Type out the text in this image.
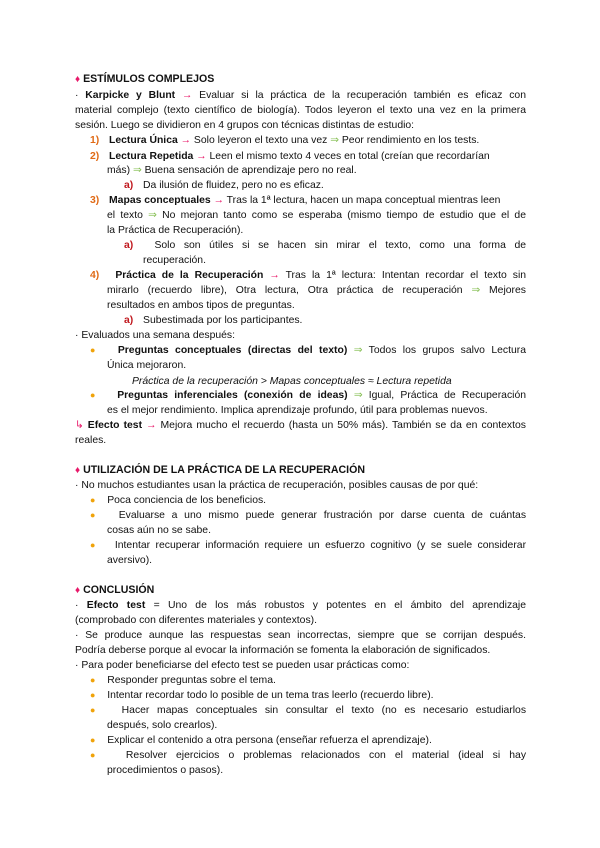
♦ ESTÍMULOS COMPLEJOS
· Karpicke y Blunt → Evaluar si la práctica de la recuperación también es eficaz con
material complejo (texto científico de biología). Todos leyeron el texto una vez en la primera
sesión. Luego se dividieron en 4 grupos con técnicas distintas de estudio:
1) Lectura Única → Solo leyeron el texto una vez ⇒ Peor rendimiento en los tests.
2) Lectura Repetida → Leen el mismo texto 4 veces en total (creían que recordarían
más) ⇒ Buena sensación de aprendizaje pero no real.
a) Da ilusión de fluidez, pero no es eficaz.
3) Mapas conceptuales → Tras la 1ª lectura, hacen un mapa conceptual mientras leen
el texto ⇒ No mejoran tanto como se esperaba (mismo tiempo de estudio que el de
la Práctica de Recuperación).
a) Solo son útiles si se hacen sin mirar el texto, como una forma de
recuperación.
4) Práctica de la Recuperación → Tras la 1ª lectura: Intentan recordar el texto sin
mirarlo (recuerdo libre), Otra lectura, Otra práctica de recuperación ⇒ Mejores
resultados en ambos tipos de preguntas.
a) Subestimada por los participantes.
· Evaluados una semana después:
● Preguntas conceptuales (directas del texto) ⇒ Todos los grupos salvo Lectura
Única mejoraron.
Práctica de la recuperación > Mapas conceptuales ≈ Lectura repetida
● Preguntas inferenciales (conexión de ideas) ⇒ Igual, Práctica de Recuperación
es el mejor rendimiento. Implica aprendizaje profundo, útil para problemas nuevos.
↳ Efecto test → Mejora mucho el recuerdo (hasta un 50% más). También se da en contextos
reales.
♦ UTILIZACIÓN DE LA PRÁCTICA DE LA RECUPERACIÓN
· No muchos estudiantes usan la práctica de recuperación, posibles causas de por qué:
● Poca conciencia de los beneficios.
● Evaluarse a uno mismo puede generar frustración por darse cuenta de cuántas
cosas aún no se sabe.
● Intentar recuperar información requiere un esfuerzo cognitivo (y se suele considerar
aversivo).
♦ CONCLUSIÓN
· Efecto test = Uno de los más robustos y potentes en el ámbito del aprendizaje
(comprobado con diferentes materiales y contextos).
· Se produce aunque las respuestas sean incorrectas, siempre que se corrijan después.
Podría deberse porque al evocar la información se fomenta la elaboración de significados.
· Para poder beneficiarse del efecto test se pueden usar prácticas como:
● Responder preguntas sobre el tema.
● Intentar recordar todo lo posible de un tema tras leerlo (recuerdo libre).
● Hacer mapas conceptuales sin consultar el texto (no es necesario estudiarlos
después, solo crearlos).
● Explicar el contenido a otra persona (enseñar refuerza el aprendizaje).
● Resolver ejercicios o problemas relacionados con el material (ideal si hay
procedimientos o pasos).
